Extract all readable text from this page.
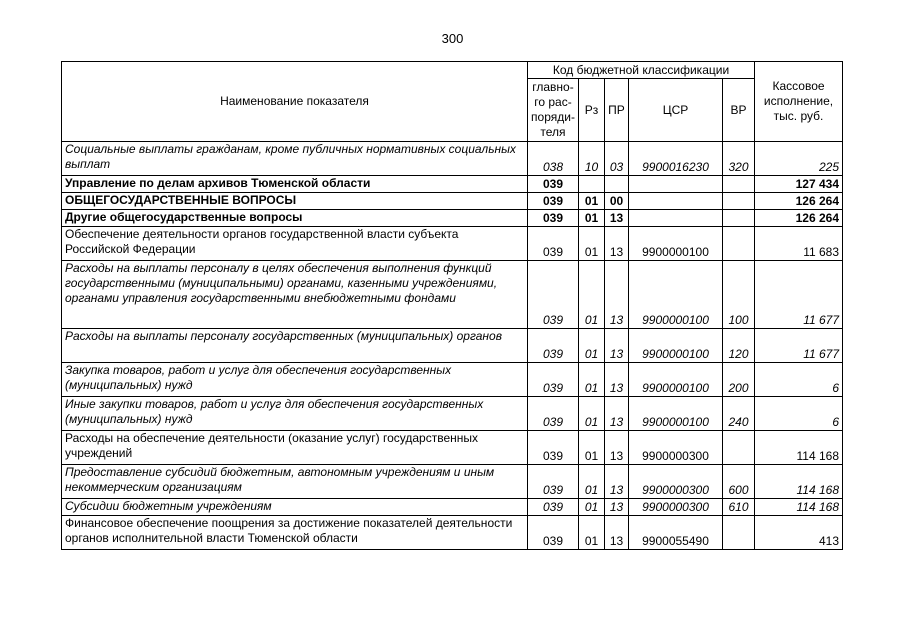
300
Наименование показателя	Код бюджетной классификации					Кассовое исполнение, тыс. руб.
	главно-го рас-поряди-теля	Рз	ПР	ЦСР	ВР	
Социальные выплаты гражданам, кроме публичных нормативных социальных выплат	038	10	03	9900016230	320	225
Управление по делам архивов Тюменской области	039					127 434
ОБЩЕГОСУДАРСТВЕННЫЕ ВОПРОСЫ	039	01	00			126 264
Другие общегосударственные вопросы	039	01	13			126 264
Обеспечение деятельности органов государственной власти субъекта Российской Федерации	039	01	13	9900000100		11 683
Расходы на выплаты персоналу в целях обеспечения выполнения функций государственными (муниципальными) органами, казенными учреждениями, органами управления государственными внебюджетными фондами	039	01	13	9900000100	100	11 677
Расходы на выплаты персоналу государственных (муниципальных) органов	039	01	13	9900000100	120	11 677
Закупка товаров, работ и услуг для обеспечения государственных (муниципальных) нужд	039	01	13	9900000100	200	6
Иные закупки товаров, работ и услуг для обеспечения государственных (муниципальных) нужд	039	01	13	9900000100	240	6
Расходы на обеспечение деятельности (оказание услуг) государственных учреждений	039	01	13	9900000300		114 168
Предоставление субсидий бюджетным, автономным учреждениям и иным некоммерческим организациям	039	01	13	9900000300	600	114 168
Субсидии бюджетным учреждениям	039	01	13	9900000300	610	114 168
Финансовое обеспечение поощрения за достижение показателей деятельности органов исполнительной власти Тюменской области	039	01	13	9900055490		413
